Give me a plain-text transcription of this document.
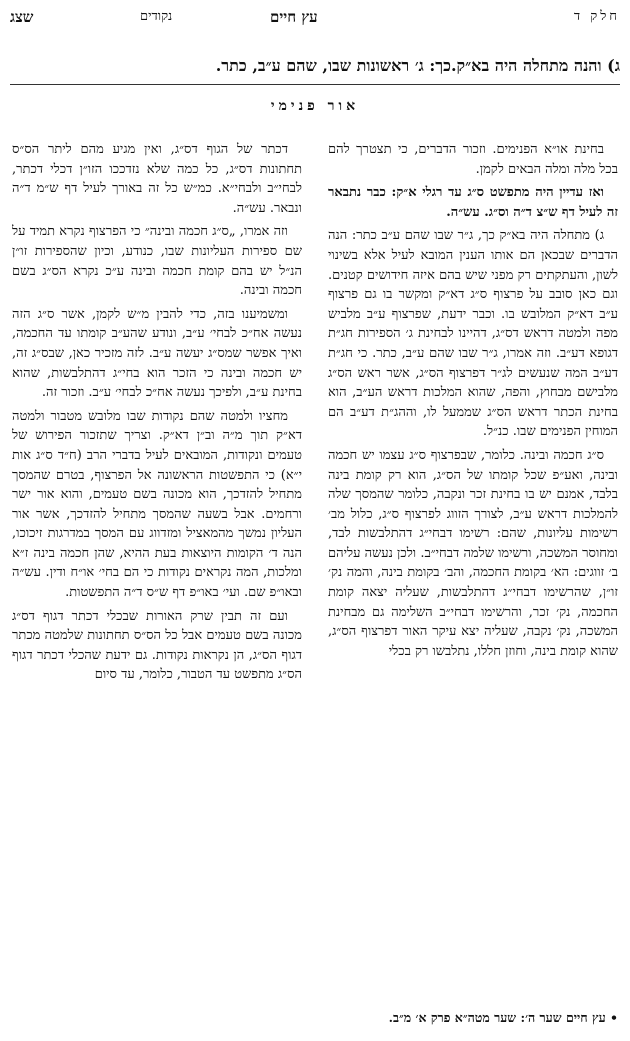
חלק ד
עץ חיים
נקודים
שצג
ג) והנה מתחלה היה בא״ק.כך: ג׳ ראשונות שבו, שהם ע״ב, כתר.
אור פנימי

בחינת או״א הפנימים. וזכור הדברים, כי תצטרך להם בכל מלה ומלה הבאים לקמן.

ואז עדיין היה מתפשט ס״ג עד רגלי א״ק: כבר נתבאר זה לעיל דף ש״צ ד״ה וס״ג. עש״ה.

ג) מתחלה היה בא״ק כך, ג״ר שבו שהם ע״ב כתר: הנה הדברים שבכאן הם אותו הענין המובא לעיל אלא בשינוי לשון, והעתקתים רק מפני שיש בהם איזה חידושים קטנים. וגם כאן סובב על פרצוף ס״ג דא״ק ומקשר בו גם פרצוף ע״ב דא״ק המלובש בו. וכבר ידעת, שפרצוף ע״ב מלביש מפה ולמטה דראש דס״ג, דהיינו לבחינת ג׳ הספירות חג״ת דגופא דע״ב. וזה אמרו, ג״ר שבו שהם ע״ב, כתר. כי חג״ת דע״ב המה שנעשים לג״ר דפרצוף הס״ג, אשר ראש הס״ג מלבישם מבחוץ, והפה, שהוא המלכות דראש הע״ב, הוא בחינת הכתר דראש הס״ג שממעל לו, וההג״ת דע״ב הם המוחין הפנימים שבו. כנ״ל.

ס״ג חכמה ובינה. כלומר, שבפרצוף ס״ג עצמו יש חכמה ובינה, ואע״פ שכל קומתו של הס״ג, הוא רק קומת בינה בלבד, אמנם יש בו בחינת זכר ונקבה, כלומר שהמסך שלה להמלכות דראש ע״ב, לצורך הזווג לפרצוף ס״ג, כלול מב׳ רשימות עליונות, שהם: רשימו דבחי״ג דהתלבשות לבד, ומחוסר המשכה, ורשימו שלמה דבחי״ב. ולכן נעשה עליהם ב׳ זווגים: הא׳ בקומת החכמה, והב׳ בקומת בינה, והמה נק׳ זו״ן, שהרשימו דבחי״ג דהתלבשות, שעליה יצאה קומת החכמה, נק׳ זכר, והרשימו דבחי״ב השלימה גם מבחינת המשכה, נק׳ נקבה, שעליה יצא עיקר האור דפרצוף הס״ג, שהוא קומת בינה, וחוזן חללו, נתלבשו רק בכלי

דכתר של הגוף דס״ג, ואין מגיע מהם ליתר הס״ס תחתונות דס״ג, כל כמה שלא נזדככו הזו״ן דכלי דכתר, לבחי״ב ולבחי״א. כמ״ש כל זה באורך לעיל דף ש״מ ד״ה ונבאר. עש״ה.

וזה אמרו, „ס״ג חכמה ובינה״ כי הפרצוף נקרא תמיד על שם ספירות העליונות שבו, כנודע, וכיון שהספירות זו״ן הנ״ל יש בהם קומת חכמה ובינה ע״כ נקרא הס״ג בשם חכמה ובינה.

ומשמיענו בזה, כדי להבין מ״ש לקמן, אשר ס״ג הזה נעשה אח״כ לבחי׳ ע״ב, ונודע שהע״ב קומתו עד החכמה, ואיך אפשר שמס״ג יעשה ע״ב. לזה מזכיר כאן, שבס״ג זה, יש חכמה ובינה כי הזכר הוא בחי״ג דהתלבשות, שהוא בחינת ע״ב, ולפיכך נעשה אח״כ לבחי׳ ע״ב. וזכור זה.

מחציו ולמטה שהם נקודות שבו מלובש מטבור ולמטה דא״ק תוך מ״ה וב״ן דא״ק. וצריך שתזכור הפירוש של טעמים ונקודות, המובאים לעיל בדברי הרב (ח״ד ס״ג אות י״א) כי התפשטות הראשונה אל הפרצוף, בטרם שהמסך מתחיל להזדכך, הוא מכונה בשם טעמים, והוא אור ישר ורחמים. אבל בשעה שהמסך מתחיל להזדכך, אשר אור העליון נמשך מהמאציל ומזדווג עם המסך במדרגות זיכוכו, הנה ד׳ הקומות היוצאות בעת ההיא, שהן חכמה בינה ז״א ומלכות, המה נקראים נקודות כי הם בחי׳ או״ח ודין. עש״ה ובאו״פ שם. ועי׳ באו״פ דף ש״ס ד״ה התפשטות.

ועם זה תבין שרק האורות שבכלי דכתר דגוף דס״ג מכונה בשם טעמים אבל כל הס״ס תחתונות שלמטה מכתר דגוף הס״ג, הן נקראות נקודות. גם ידעת שהכלי דכתר דגוף הס״ג מתפשט עד הטבור, כלומר, עד סיום

• עץ חיים שער ה׳: שער מטה״א פרק א׳ מ״ב.
